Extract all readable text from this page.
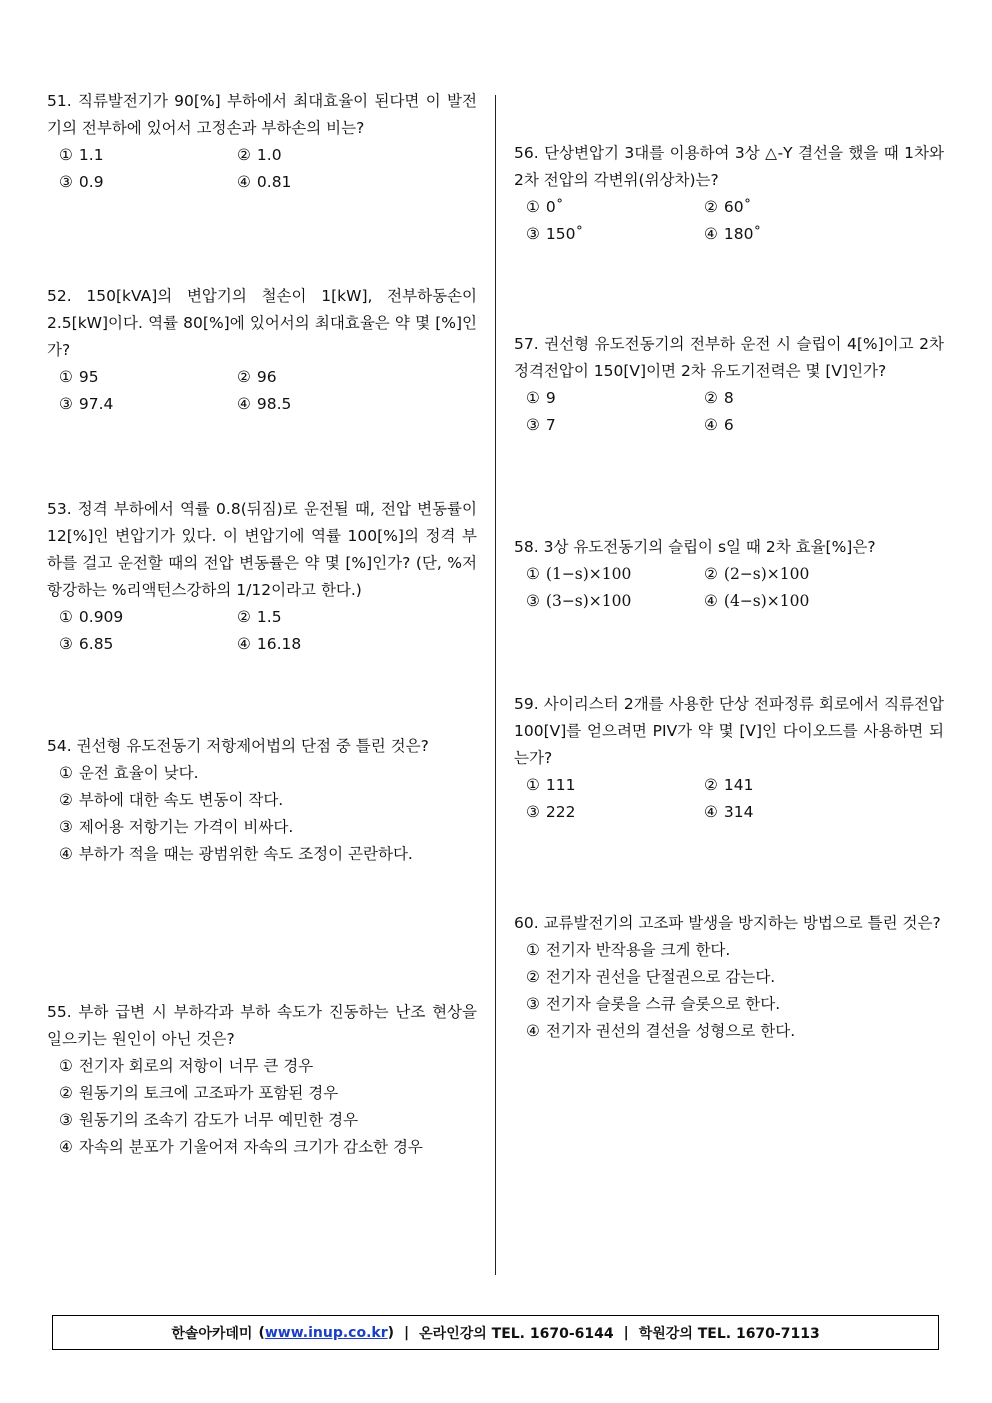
51. 직류발전기가 90[%] 부하에서 최대효율이 된다면 이 발전기의 전부하에 있어서 고정손과 부하손의 비는?
① 1.1	② 1.0
③ 0.9	④ 0.81
52. 150[kVA]의 변압기의 철손이 1[kW], 전부하동손이 2.5[kW]이다. 역률 80[%]에 있어서의 최대효율은 약 몇 [%]인가?
① 95	② 96
③ 97.4	④ 98.5
53. 정격 부하에서 역률 0.8(뒤짐)로 운전될 때, 전압 변동률이 12[%]인 변압기가 있다. 이 변압기에 역률 100[%]의 정격 부하를 걸고 운전할 때의 전압 변동률은 약 몇 [%]인가? (단, %저항강하는 %리액턴스강하의 1/12이라고 한다.)
① 0.909	② 1.5
③ 6.85	④ 16.18
54. 권선형 유도전동기 저항제어법의 단점 중 틀린 것은?
① 운전 효율이 낮다.
② 부하에 대한 속도 변동이 작다.
③ 제어용 저항기는 가격이 비싸다.
④ 부하가 적을 때는 광범위한 속도 조정이 곤란하다.
55. 부하 급변 시 부하각과 부하 속도가 진동하는 난조 현상을 일으키는 원인이 아닌 것은?
① 전기자 회로의 저항이 너무 큰 경우
② 원동기의 토크에 고조파가 포함된 경우
③ 원동기의 조속기 감도가 너무 예민한 경우
④ 자속의 분포가 기울어져 자속의 크기가 감소한 경우
56. 단상변압기 3대를 이용하여 3상 △-Y 결선을 했을 때 1차와 2차 전압의 각변위(위상차)는?
① 0˚	② 60˚
③ 150˚	④ 180˚
57. 권선형 유도전동기의 전부하 운전 시 슬립이 4[%]이고 2차 정격전압이 150[V]이면 2차 유도기전력은 몇 [V]인가?
① 9	② 8
③ 7	④ 6
58. 3상 유도전동기의 슬립이 s일 때 2차 효율[%]은?
① (1−s)×100	② (2−s)×100
③ (3−s)×100	④ (4−s)×100
59. 사이리스터 2개를 사용한 단상 전파정류 회로에서 직류전압 100[V]를 얻으려면 PIV가 약 몇 [V]인 다이오드를 사용하면 되는가?
① 111	② 141
③ 222	④ 314
60. 교류발전기의 고조파 발생을 방지하는 방법으로 틀린 것은?
① 전기자 반작용을 크게 한다.
② 전기자 권선을 단절권으로 감는다.
③ 전기자 슬롯을 스큐 슬롯으로 한다.
④ 전기자 권선의 결선을 성형으로 한다.
한솔아카데미 ( www.inup.co.kr ) | 온라인강의 TEL. 1670-6144 | 학원강의 TEL. 1670-7113
